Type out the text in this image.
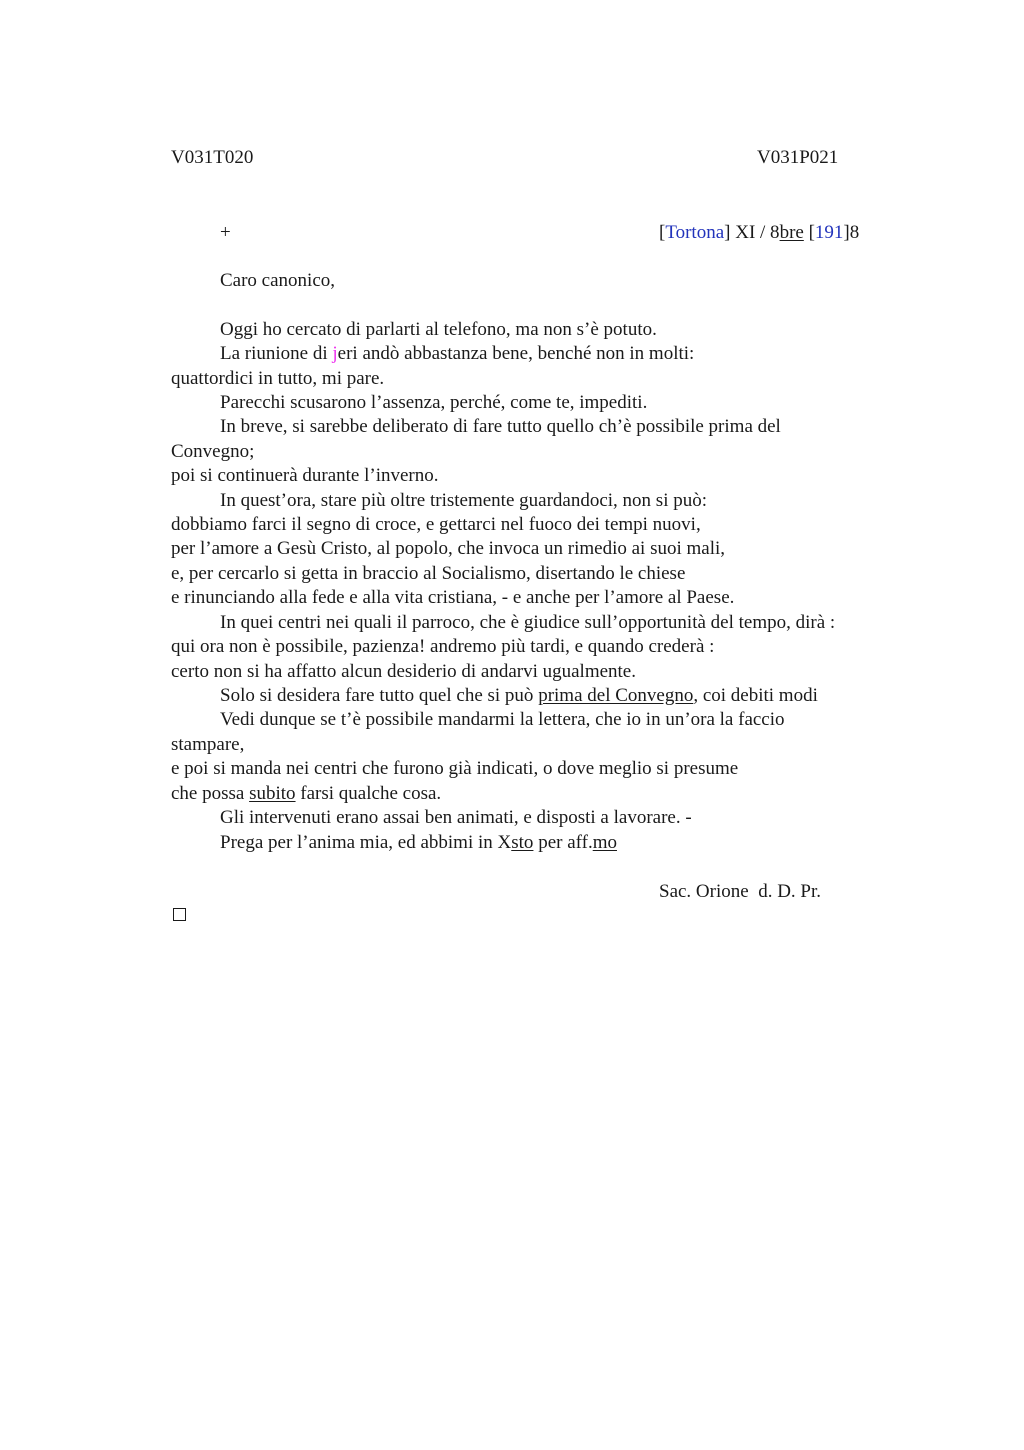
V031T020	V031P021
+	[Tortona] XI / 8bre [191]8
Caro canonico,
Oggi ho cercato di parlarti al telefono, ma non s’è potuto.
La riunione di jeri andò abbastanza bene, benché non in molti:
quattordici in tutto, mi pare.
Parecchi scusarono l’assenza, perché, come te, impediti.
In breve, si sarebbe deliberato di fare tutto quello ch’è possibile prima del
Convegno;
poi si continuerà durante l’inverno.
In quest’ora, stare più oltre tristemente guardandoci, non si può:
dobbiamo farci il segno di croce, e gettarci nel fuoco dei tempi nuovi,
per l’amore a Gesù Cristo, al popolo, che invoca un rimedio ai suoi mali,
e, per cercarlo si getta in braccio al Socialismo, disertando le chiese
e rinunciando alla fede e alla vita cristiana, - e anche per l’amore al Paese.
In quei centri nei quali il parroco, che è giudice sull’opportunità del tempo, dirà :
qui ora non è possibile, pazienza! andremo più tardi, e quando crederà :
certo non si ha affatto alcun desiderio di andarvi ugualmente.
Solo si desidera fare tutto quel che si può prima del Convegno, coi debiti modi
Vedi dunque se t’è possibile mandarmi la lettera, che io in un’ora la faccio
stampare,
e poi si manda nei centri che furono già indicati, o dove meglio si presume
che possa subito farsi qualche cosa.
Gli intervenuti erano assai ben animati, e disposti a lavorare. -
Prega per l’anima mia, ed abbimi in Xsto per aff.mo
Sac. Orione  d. D. Pr.
